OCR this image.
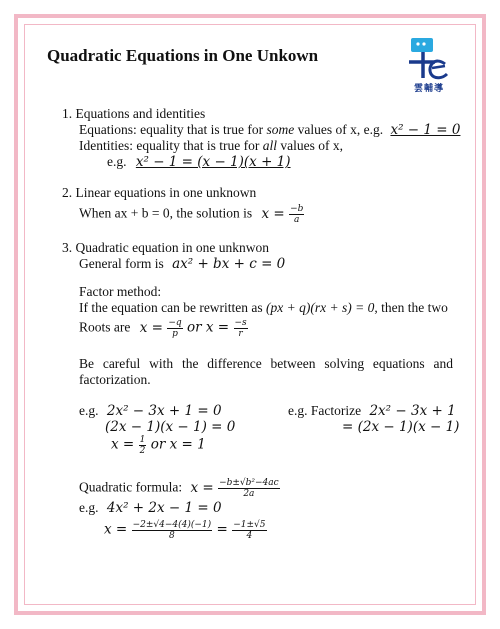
Quadratic Equations in One Unkown
雲輔導
1. Equations and identities
Equations: equality that is true for some values of x, e.g. x² − 1 = 0
Identities: equality that is true for all values of x,
e.g. x² − 1 = (x − 1)(x + 1)
2. Linear equations in one unknown
When ax + b = 0, the solution is $x = \frac{-b}{a}$
3. Quadratic equation in one unknwon
General form is ax² + bx + c = 0
Factor method:
If the equation can be rewritten as (px + q)(rx + s) = 0, then the two
Roots are $x = \frac{-q}{p}$ or $x = \frac{-s}{r}$
Be careful with the difference between solving equations and
factorization.
e.g. 2x² − 3x + 1 = 0
(2x − 1)(x − 1) = 0
$x = \frac{1}{2}$ or x = 1
e.g. Factorize 2x² − 3x + 1
= (2x − 1)(x − 1)
Quadratic formula: $x = \frac{\text{−b±√b²−4ac}}{2a}$
e.g. 4x² + 2x − 1 = 0
$x = \frac{-2\pm√4-4(4)(-1)}{8} = \frac{-1\pm√5}{4}$
